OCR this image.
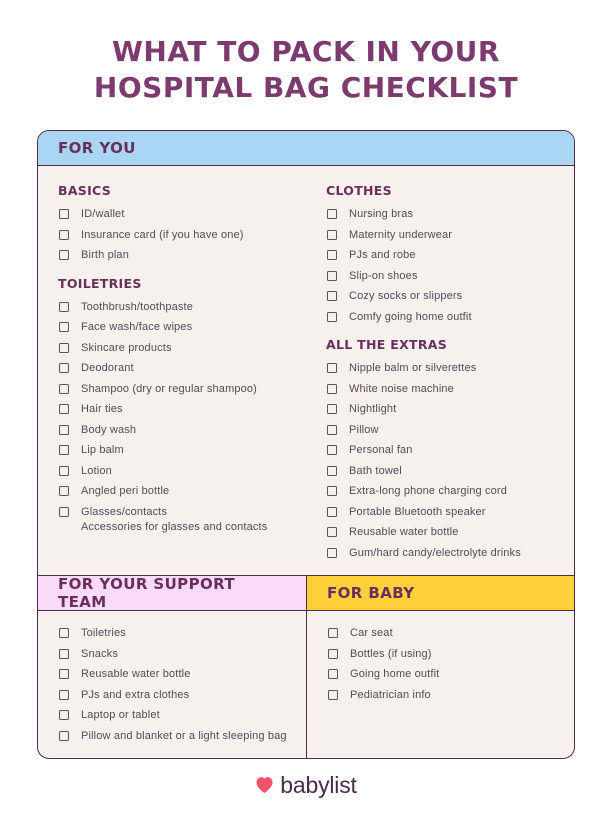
WHAT TO PACK IN YOUR
HOSPITAL BAG CHECKLIST
FOR YOU
BASICS
ID/wallet
Insurance card (if you have one)
Birth plan
TOILETRIES
Toothbrush/toothpaste
Face wash/face wipes
Skincare products
Deodorant
Shampoo (dry or regular shampoo)
Hair ties
Body wash
Lip balm
Lotion
Angled peri bottle
Glasses/contacts
Accessories for glasses and contacts
CLOTHES
Nursing bras
Maternity underwear
PJs and robe
Slip-on shoes
Cozy socks or slippers
Comfy going home outfit
ALL THE EXTRAS
Nipple balm or silverettes
White noise machine
Nightlight
Pillow
Personal fan
Bath towel
Extra-long phone charging cord
Portable Bluetooth speaker
Reusable water bottle
Gum/hard candy/electrolyte drinks
FOR YOUR SUPPORT TEAM
Toiletries
Snacks
Reusable water bottle
PJs and extra clothes
Laptop or tablet
Pillow and blanket or a light sleeping bag
FOR BABY
Car seat
Bottles (if using)
Going home outfit
Pediatrician info
babylist
